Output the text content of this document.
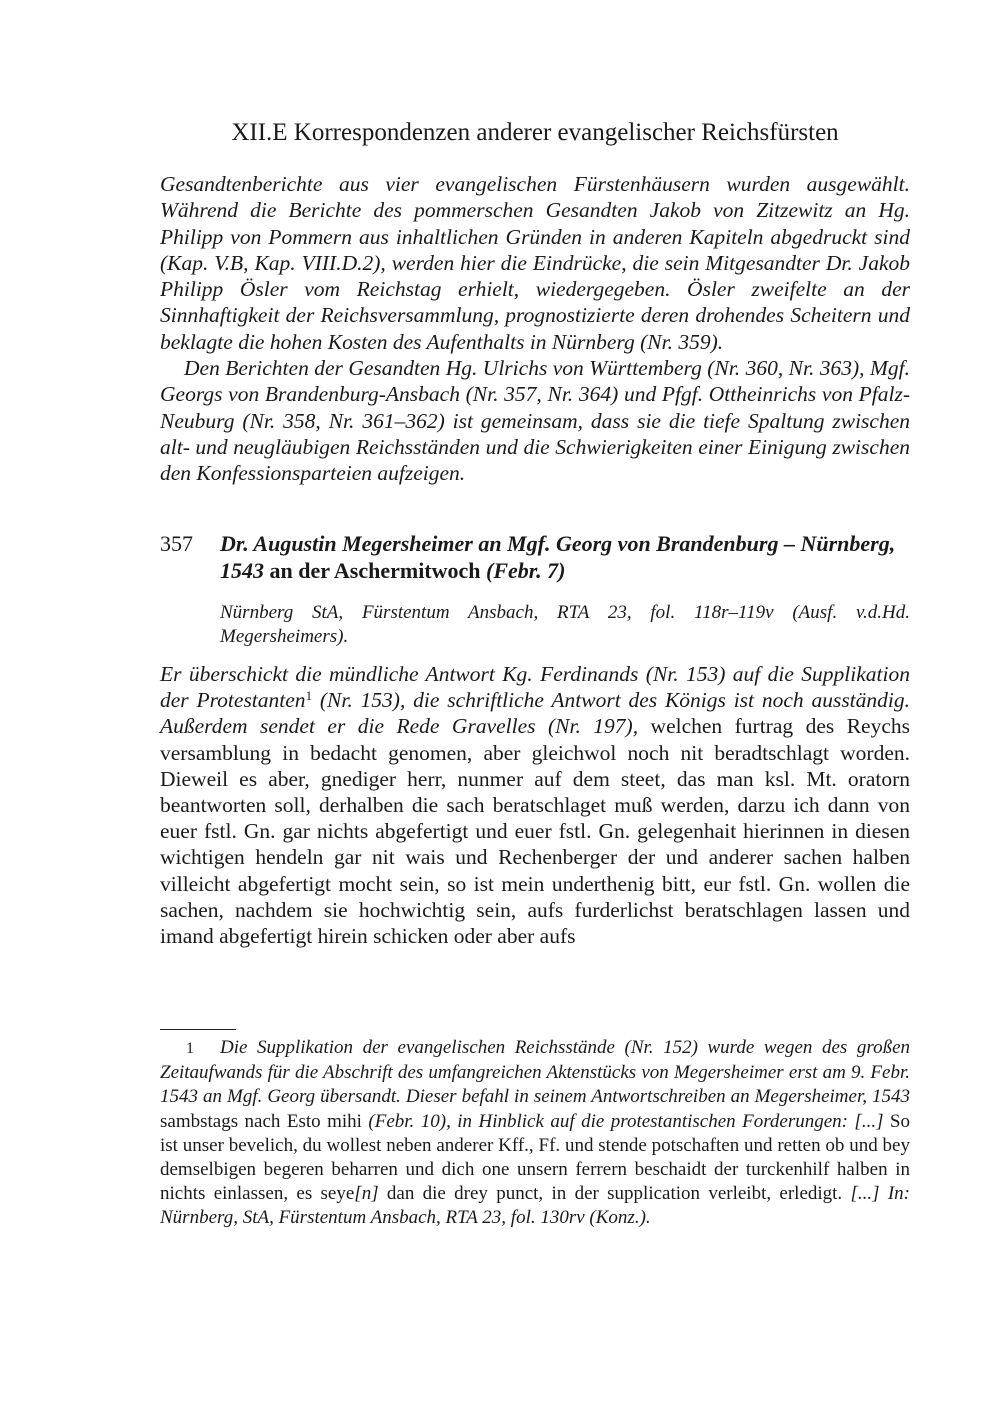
XII.E Korrespondenzen anderer evangelischer Reichsfürsten

Gesandtenberichte aus vier evangelischen Fürstenhäusern wurden ausgewählt. Während die Berichte des pommerschen Gesandten Jakob von Zitzewitz an Hg. Philipp von Pommern aus inhaltlichen Gründen in anderen Kapiteln abgedruckt sind (Kap. V.B, Kap. VIII.D.2), werden hier die Eindrücke, die sein Mitgesandter Dr. Jakob Philipp Ösler vom Reichstag erhielt, wiedergegeben. Ösler zweifelte an der Sinnhaftigkeit der Reichsversammlung, prognostizierte deren drohendes Scheitern und beklagte die hohen Kosten des Aufenthalts in Nürnberg (Nr. 359).

Den Berichten der Gesandten Hg. Ulrichs von Württemberg (Nr. 360, Nr. 363), Mgf. Georgs von Brandenburg-Ansbach (Nr. 357, Nr. 364) und Pfgf. Ottheinrichs von Pfalz-Neuburg (Nr. 358, Nr. 361–362) ist gemeinsam, dass sie die tiefe Spaltung zwischen alt- und neugläubigen Reichsständen und die Schwierigkeiten einer Einigung zwischen den Konfessionsparteien aufzeigen.

357 Dr. Augustin Megersheimer an Mgf. Georg von Brandenburg – Nürnberg, 1543 an der Aschermitwoch (Febr. 7)
Nürnberg StA, Fürstentum Ansbach, RTA 23, fol. 118r–119v (Ausf. v.d.Hd. Megersheimers).
Er überschickt die mündliche Antwort Kg. Ferdinands (Nr. 153) auf die Supplikation der Protestanten$^1$ (Nr. 153), die schriftliche Antwort des Königs ist noch ausständig. Außerdem sendet er die Rede Gravelles (Nr. 197), welchen furtrag des Reychs versamblung in bedacht genomen, aber gleichwol noch nit beradtschlagt worden. Dieweil es aber, gnediger herr, nunmer auf dem steet, das man ksl. Mt. oratorn beantworten soll, derhalben die sach beratschlaget muß werden, darzu ich dann von euer fstl. Gn. gar nichts abgefertigt und euer fstl. Gn. gelegenhait hierinnen in diesen wichtigen hendeln gar nit wais und Rechenberger der und anderer sachen halben villeicht abgefertigt mocht sein, so ist mein underthenig bitt, eur fstl. Gn. wollen die sachen, nachdem sie hochwichtig sein, aufs furderlichst beratschlagen lassen und imand abgefertigt hirein schicken oder aber aufs
1 Die Supplikation der evangelischen Reichsstände (Nr. 152) wurde wegen des großen Zeitaufwands für die Abschrift des umfangreichen Aktenstücks von Megersheimer erst am 9. Febr. 1543 an Mgf. Georg übersandt. Dieser befahl in seinem Antwortschreiben an Megersheimer, 1543 sambstags nach Esto mihi (Febr. 10), in Hinblick auf die protestantischen Forderungen: [...] So ist unser bevelich, du wollest neben anderer Kff., Ff. und stende potschaften und retten ob und bey demselbigen begeren beharren und dich one unsern ferrern beschaidt der turckenhilf halben in nichts einlassen, es seye[n] dan die drey punct, in der supplication verleibt, erledigt. [...] In: Nürnberg, StA, Fürstentum Ansbach, RTA 23, fol. 130rv (Konz.).
